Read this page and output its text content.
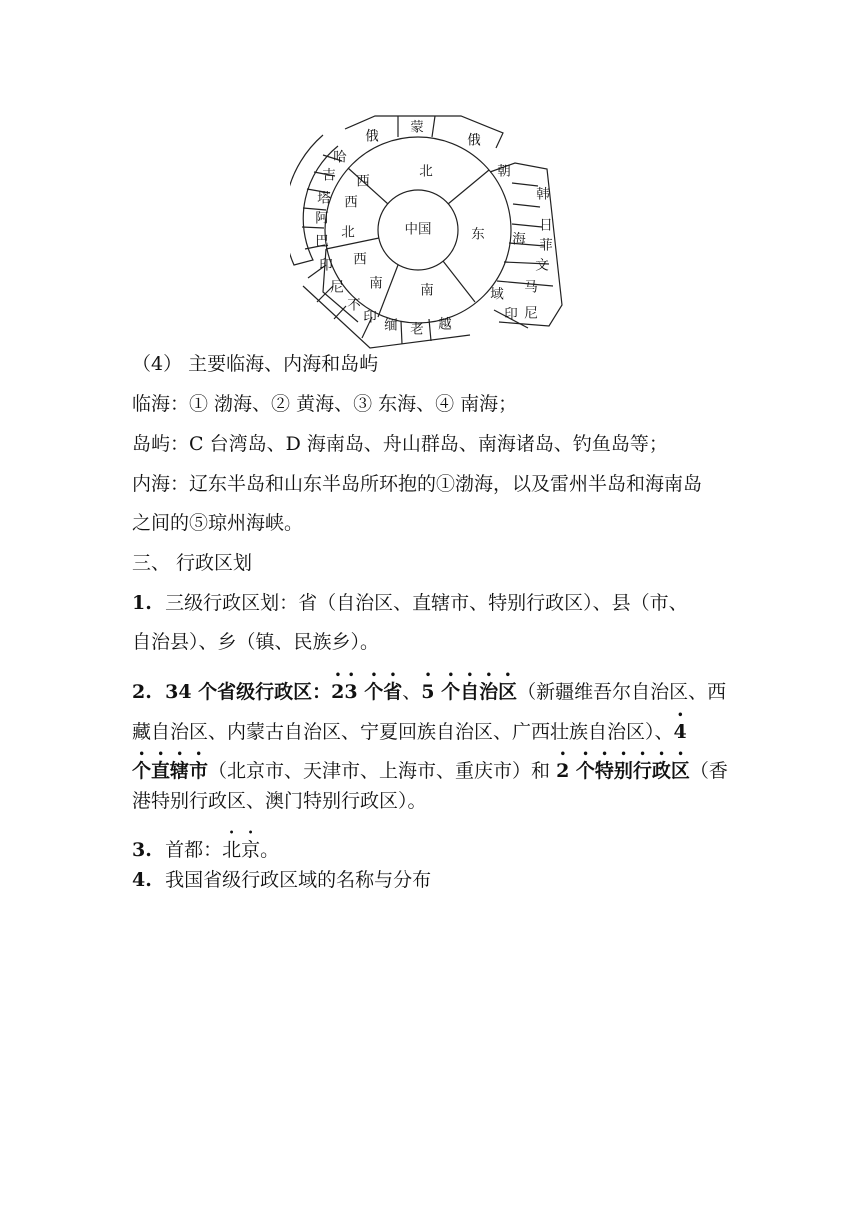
中国
北
东
南
西
西
北
西
南
海
域
蒙
俄	俄
朝
韩
日
菲
文
马
尼
印
越
老
缅
印
不
尼
印
巴
阿
塔
吉
哈
（4） 主要临海、内海和岛屿
临海：① 渤海、② 黄海、③ 东海、④ 南海；
岛屿：C 台湾岛、D 海南岛、舟山群岛、南海诸岛、钓鱼岛等；
内海：辽东半岛和山东半岛所环抱的①渤海，以及雷州半岛和海南岛
之间的⑤琼州海峡。
三、 行政区划
1.  三级行政区划：省（自治区、直辖市、特别行政区）、县（市、
自治县）、乡（镇、民族乡）。
2.  34 个省级行政区：23 个省、5 个自治区（新疆维吾尔自治区、西
藏自治区、内蒙古自治区、宁夏回族自治区、广西壮族自治区）、4
个直辖市（北京市、天津市、上海市、重庆市）和 2 个特别行政区（香
港特别行政区、澳门特别行政区）。
3.  首都：北京。
4.  我国省级行政区域的名称与分布
